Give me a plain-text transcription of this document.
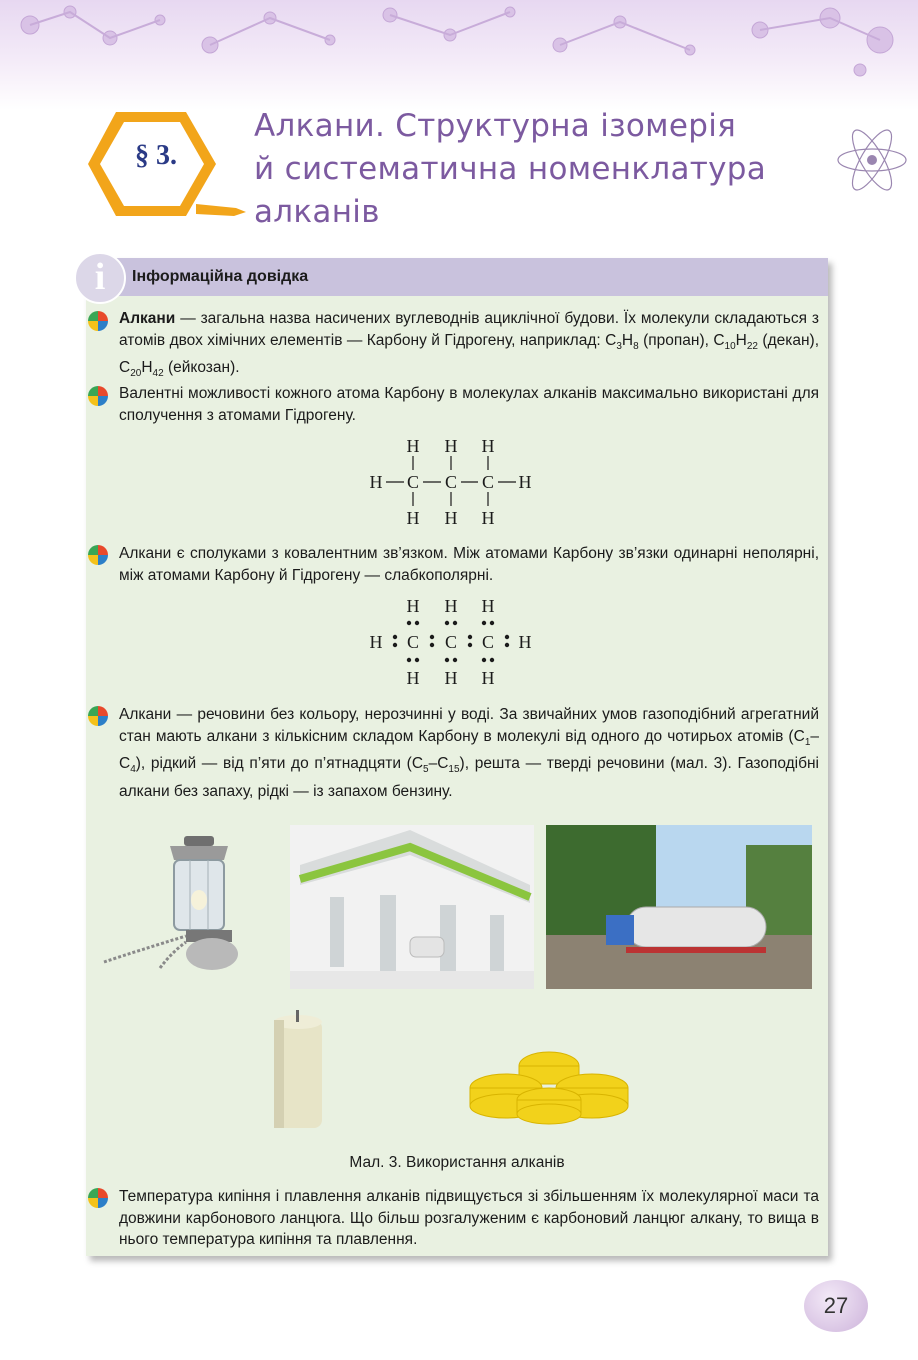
§ 3.
Алкани. Структурна ізомерія
й систематична номенклатура
алканів
Інформаційна довідка
i
Алкани — загальна назва насичених вуглеводнів ациклічної будови. Їх молекули складаються з атомів двох хімічних елементів — Карбону й Гідрогену, наприклад: $C_3H_8$ (пропан), $C_{10}H_{22}$ (декан), $C_{20}H_{42}$ (ейкозан).
Валентні можливості кожного атома Карбону в молекулах алканів максимально використані для сполучення з атомами Гідрогену.
H H H
H C C C H
H H H
Алкани є сполуками з ковалентним зв’язком. Між атомами Карбону зв’язки одинарні неполярні, між атомами Карбону й Гідрогену — слабкополярні.
H H H
H C C C H
H H H
Алкани — речовини без кольору, нерозчинні у воді. За звичайних умов газоподібний агрегатний стан мають алкани з кількісним складом Карбону в молекулі від одного до чотирьох атомів $(C_1-C_4)$, рідкий — від п’яти до п’ятнадцяти $(C_5-C_{15})$, решта — тверді речовини (мал. 3). Газоподібні алкани без запаху, рідкі — із запахом бензину.
Мал. 3. Використання алканів
Температура кипіння і плавлення алканів підвищується зі збільшенням їх молекулярної маси та довжини карбонового ланцюга. Що більш розгалуженим є карбоновий ланцюг алкану, то вища в нього температура кипіння та плавлення.
27
